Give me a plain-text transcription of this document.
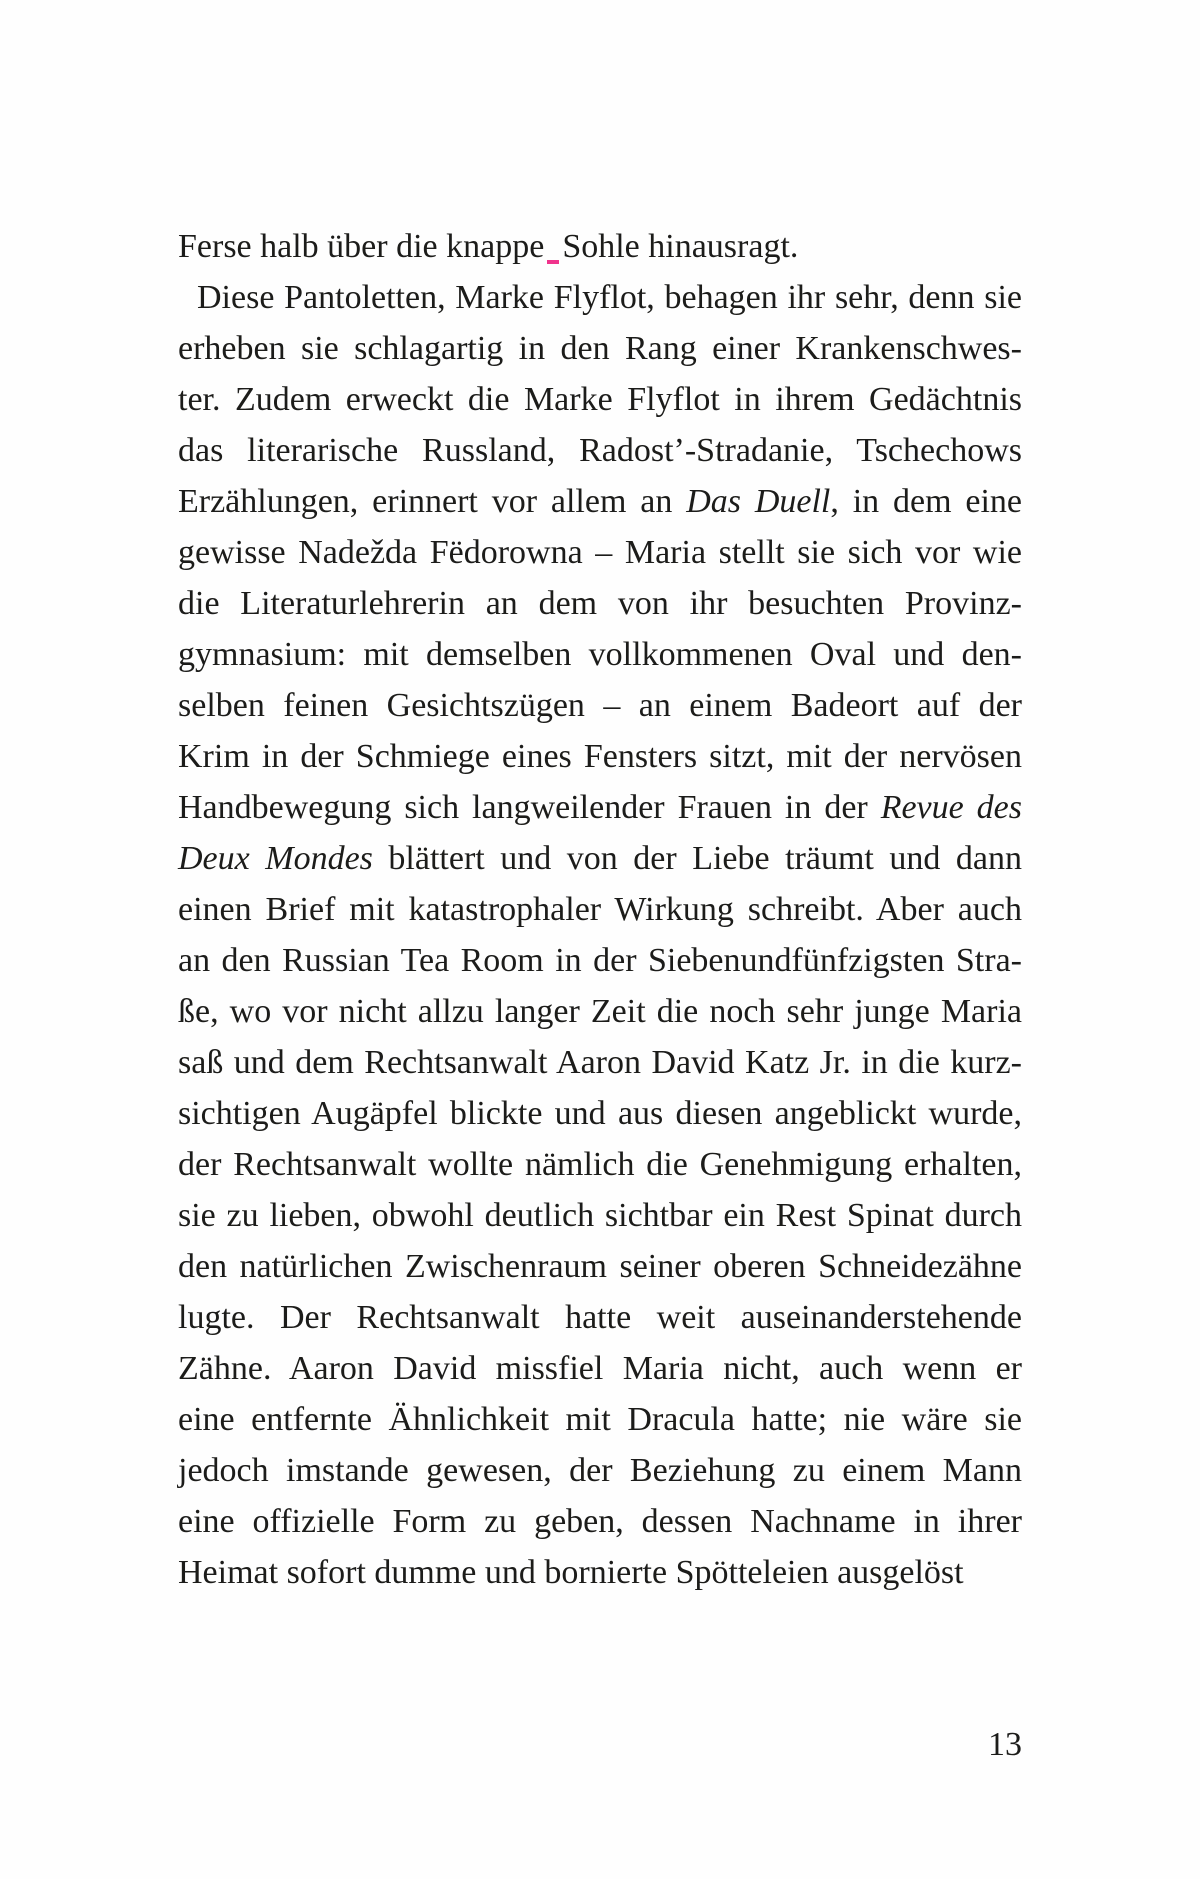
Ferse halb über die knappe Sohle hinausragt.
Diese Pantoletten, Marke Flyflot, behagen ihr sehr, denn sie
erheben sie schlagartig in den Rang einer Krankenschwes-
ter. Zudem erweckt die Marke Flyflot in ihrem Gedächtnis
das literarische Russland, Radost’-Stradanie, Tschechows
Erzählungen, erinnert vor allem an Das Duell, in dem eine
gewisse Nadežda Fëdorowna – Maria stellt sie sich vor wie
die Literaturlehrerin an dem von ihr besuchten Provinz-
gymnasium: mit demselben vollkommenen Oval und den-
selben feinen Gesichtszügen – an einem Badeort auf der
Krim in der Schmiege eines Fensters sitzt, mit der nervösen
Handbewegung sich langweilender Frauen in der Revue des
Deux Mondes blättert und von der Liebe träumt und dann
einen Brief mit katastrophaler Wirkung schreibt. Aber auch
an den Russian Tea Room in der Siebenundfünfzigsten Stra-
ße, wo vor nicht allzu langer Zeit die noch sehr junge Maria
saß und dem Rechtsanwalt Aaron David Katz Jr. in die kurz-
sichtigen Augäpfel blickte und aus diesen angeblickt wurde,
der Rechtsanwalt wollte nämlich die Genehmigung erhalten,
sie zu lieben, obwohl deutlich sichtbar ein Rest Spinat durch
den natürlichen Zwischenraum seiner oberen Schneidezähne
lugte. Der Rechtsanwalt hatte weit auseinanderstehende
Zähne. Aaron David missfiel Maria nicht, auch wenn er
eine entfernte Ähnlichkeit mit Dracula hatte; nie wäre sie
jedoch imstande gewesen, der Beziehung zu einem Mann
eine offizielle Form zu geben, dessen Nachname in ihrer
Heimat sofort dumme und bornierte Spötteleien ausgelöst
13
